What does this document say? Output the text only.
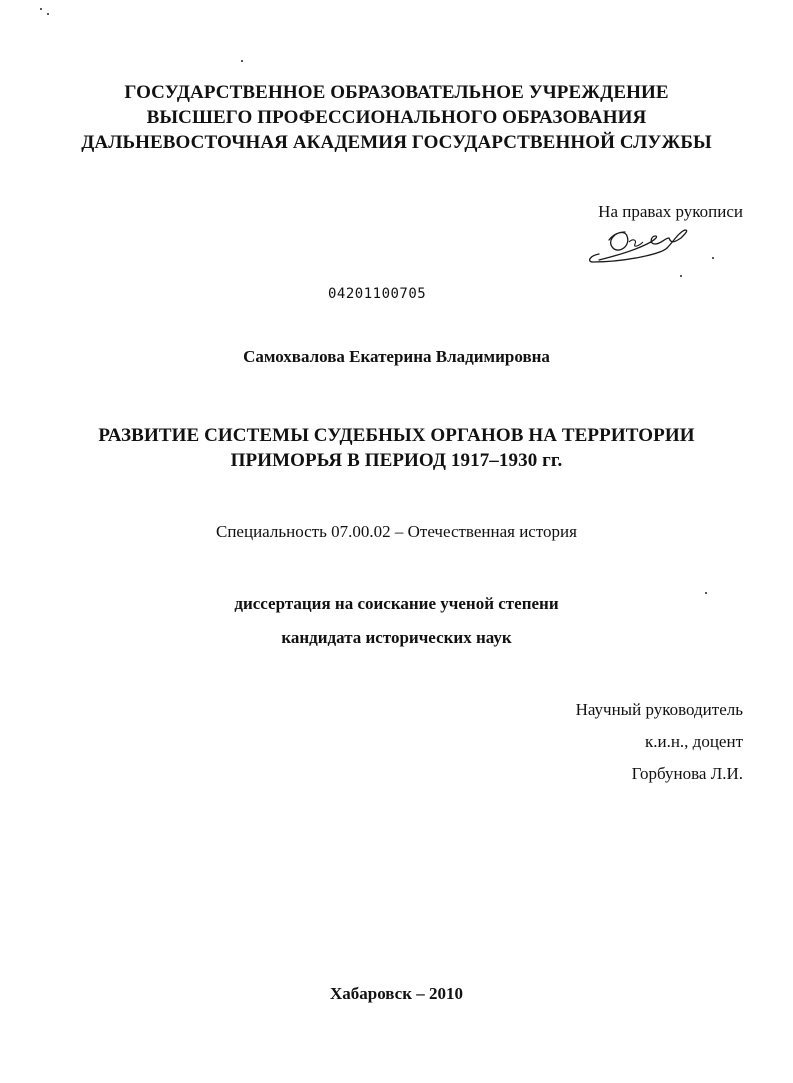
ГОСУДАРСТВЕННОЕ ОБРАЗОВАТЕЛЬНОЕ УЧРЕЖДЕНИЕ
ВЫСШЕГО ПРОФЕССИОНАЛЬНОГО ОБРАЗОВАНИЯ
ДАЛЬНЕВОСТОЧНАЯ АКАДЕМИЯ ГОСУДАРСТВЕННОЙ СЛУЖБЫ
На правах рукописи
04201100705
Самохвалова Екатерина Владимировна
РАЗВИТИЕ СИСТЕМЫ СУДЕБНЫХ ОРГАНОВ НА ТЕРРИТОРИИ
ПРИМОРЬЯ В ПЕРИОД 1917–1930 гг.
Специальность 07.00.02 – Отечественная история
диссертация на соискание ученой степени
кандидата исторических наук
Научный руководитель
к.и.н., доцент
Горбунова Л.И.
Хабаровск – 2010
